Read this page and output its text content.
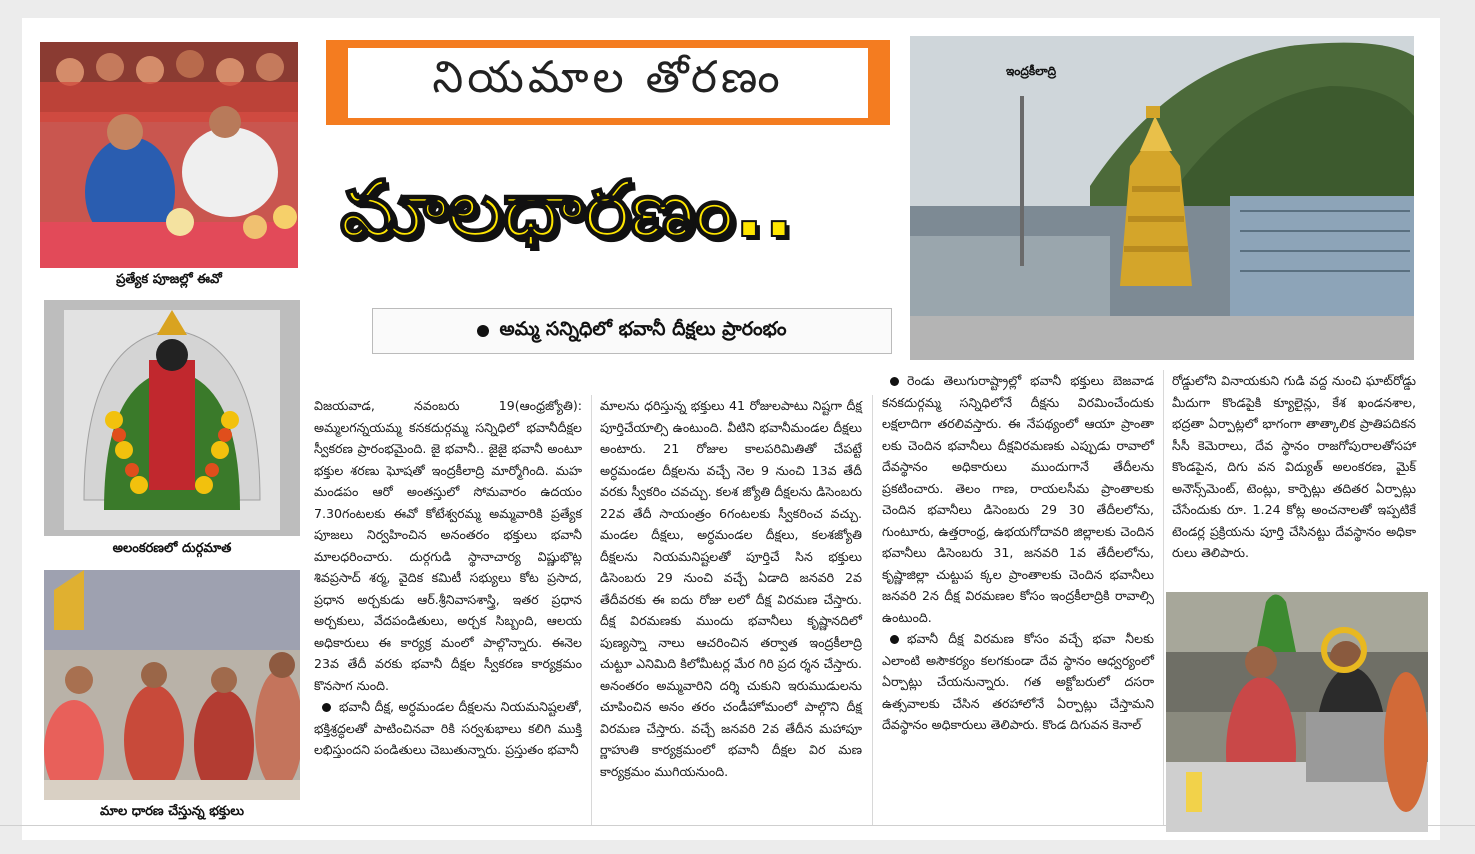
ప్రత్యేక పూజల్లో ఈవో
అలంకరణలో దుర్గమాత
మాల ధారణ చేస్తున్న భక్తులు
నియమాల తోరణం
మాలధారణం..
అమ్మ సన్నిధిలో భవానీ దీక్షలు ప్రారంభం
ఇంద్రకీలాద్రి

విజయవాడ, నవంబరు 19(ఆంధ్రజ్యోతి): అమ్మలగన్నయమ్మ కనకదుర్గమ్మ సన్నిధిలో భవానీదీక్షల స్వీకరణ ప్రారంభమైంది. జై భవానీ.. జైజై భవానీ అంటూ భక్తుల శరణు ఘోషతో ఇంద్రకీలాద్రి మార్మోగింది. మహ మండపం ఆరో అంతస్తులో సోమవారం ఉదయం 7.30గంటలకు ఈవో కోటేశ్వరమ్మ అమ్మవారికి ప్రత్యేక పూజలు నిర్వహించిన అనంతరం భక్తులు భవానీ మాలధరించారు. దుర్గగుడి స్థానాచార్య విష్ణుభొట్ల శివప్రసాద్ శర్మ, వైదిక కమిటీ సభ్యులు కోట ప్రసాద, ప్రధాన అర్చకుడు ఆర్.శ్రీనివాసశాస్త్రి, ఇతర ప్రధాన అర్చకులు, వేదపండితులు, అర్చక సిబ్బంది, ఆలయ అధికారులు ఈ కార్యక్ర మంలో పాల్గొన్నారు. ఈనెల 23వ తేదీ వరకు భవానీ దీక్షల స్వీకరణ కార్యక్రమం కొనసాగ నుంది.

భవానీ దీక్ష, అర్ధమండల దీక్షలను నియమనిష్టలతో, భక్తిశ్రద్ధలతో పాటించినవా రికి సర్వశుభాలు కలిగి ముక్తి లభిస్తుందని పండితులు చెబుతున్నారు. ప్రస్తుతం భవానీ

మాలను ధరిస్తున్న భక్తులు 41 రోజులపాటు నిష్టగా దీక్ష పూర్తిచేయాల్సి ఉంటుంది. వీటిని భవానీమండల దీక్షలు అంటారు. 21 రోజుల కాలపరిమితితో చేపట్టే అర్ధమండల దీక్షలను వచ్చే నెల 9 నుంచి 13వ తేదీ వరకు స్వీకరిం చవచ్చు. కలశ జ్యోతి దీక్షలను డిసెంబరు 22వ తేదీ సాయంత్రం 6గంటలకు స్వీకరించ వచ్చు. మండల దీక్షలు, అర్ధమండల దీక్షలు, కలశజ్యోతి దీక్షలను నియమనిష్టలతో పూర్తిచే సిన భక్తులు డిసెంబరు 29 నుంచి వచ్చే ఏడాది జనవరి 2వ తేదీవరకు ఈ ఐదు రోజు లలో దీక్ష విరమణ చేస్తారు. దీక్ష విరమణకు ముందు భవానీలు కృష్ణానదిలో పుణ్యస్నా నాలు ఆచరించిన తర్వాత ఇంద్రకీలాద్రి చుట్టూ ఎనిమిది కిలోమీటర్ల మేర గిరి ప్రద ర్శన చేస్తారు. అనంతరం అమ్మవారిని దర్శి చుకుని ఇరుముడులను చూపించిన అనం తరం చండీహోమంలో పాల్గొని దీక్ష విరమణ చేస్తారు. వచ్చే జనవరి 2వ తేదీన మహాపూ ర్ణాహుతి కార్యక్రమంలో భవానీ దీక్షల విర మణ కార్యక్రమం ముగియనుంది.

రెండు తెలుగురాష్ట్రాల్లో భవానీ భక్తులు బెజవాడ కనకదుర్గమ్మ సన్నిధిలోనే దీక్షను విరమించేందుకు లక్షలాదిగా తరలివస్తారు. ఈ నేపథ్యంలో ఆయా ప్రాంతా లకు చెందిన భవానీలు దీక్షవిరమణకు ఎప్పుడు రావాలో దేవస్థానం అధికారులు ముందుగానే తేదీలను ప్రకటించారు. తెలం గాణ, రాయలసీమ ప్రాంతాలకు చెందిన భవానీలు డిసెంబరు 29 30 తేదీలలోను, గుంటూరు, ఉత్తరాంధ్ర, ఉభయగోదావరి జిల్లాలకు చెందిన భవానీలు డిసెంబరు 31, జనవరి 1వ తేదీలలోను, కృష్ణాజిల్లా చుట్టుప క్కల ప్రాంతాలకు చెందిన భవానీలు జనవరి 2న దీక్ష విరమణల కోసం ఇంద్రకీలాద్రికి రావాల్సి ఉంటుంది.

భవానీ దీక్ష విరమణ కోసం వచ్చే భవా నీలకు ఎలాంటి అసౌకర్యం కలగకుండా దేవ స్థానం ఆధ్వర్యంలో ఏర్పాట్లు చేయనున్నారు. గత అక్టోబరులో దసరా ఉత్సవాలకు చేసిన తరహాలోనే ఏర్పాట్లు చేస్తామని దేవస్థానం అధికారులు తెలిపారు. కొండ దిగువన కెనాల్

రోడ్డులోని వినాయకుని గుడి వద్ద నుంచి ఘాట్‌రోడ్డు మీదుగా కొండపైకి క్యూలైన్లు, కేశ ఖండనశాల, భద్రతా ఏర్పాట్లలో భాగంగా తాత్కాలిక ప్రాతిపదికన సీసీ కెమెరాలు, దేవ స్థానం రాజగోపురాలతోసహా కొండపైన, దిగు వన విద్యుత్ అలంకరణ, మైక్ అనౌన్స్‌మెంట్, టెంట్లు, కార్పెట్లు తదితర ఏర్పాట్లు చేసేందుకు రూ. 1.24 కోట్ల అంచనాలతో ఇప్పటికే టెండర్ల ప్రక్రియను పూర్తి చేసినట్టు దేవస్థానం అధికా రులు తెలిపారు.
